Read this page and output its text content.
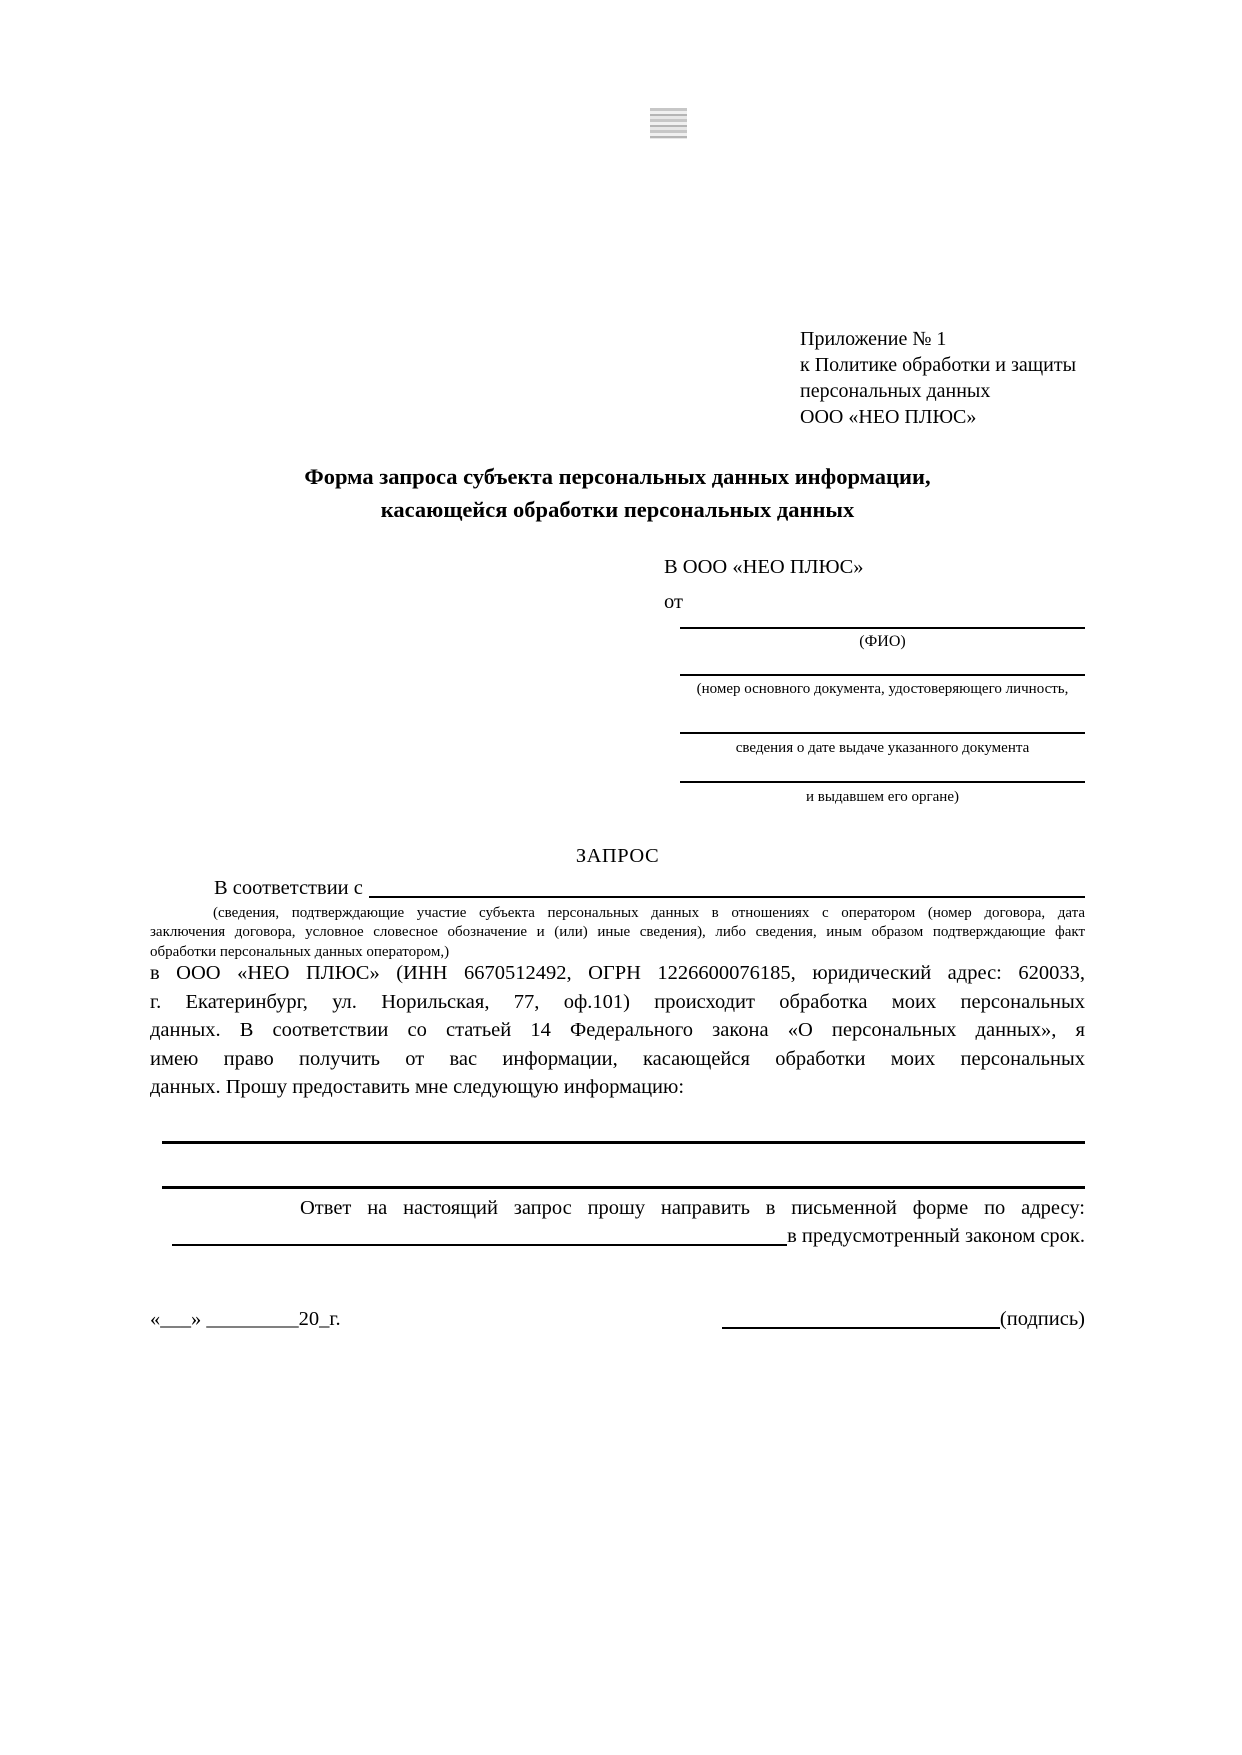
Приложение № 1
к Политике обработки и защиты
персональных данных
ООО «НЕО ПЛЮС»
Форма запроса субъекта персональных данных информации,
касающейся обработки персональных данных
В ООО «НЕО ПЛЮС»
от
(ФИО)
(номер основного документа, удостоверяющего личность,
сведения о дате выдаче указанного документа
и выдавшем его органе)
ЗАПРОС
В соответствии с
(сведения, подтверждающие участие субъекта персональных данных в отношениях с оператором (номер договора, дата
заключения договора, условное словесное обозначение и (или) иные сведения), либо сведения, иным образом подтверждающие факт
обработки персональных данных оператором,)
в ООО «НЕО ПЛЮС» (ИНН 6670512492, ОГРН 1226600076185, юридический адрес: 620033,
г. Екатеринбург, ул. Норильская, 77, оф.101) происходит обработка моих персональных
данных. В соответствии со статьей 14 Федерального закона «О персональных данных», я
имею право получить от вас информации, касающейся обработки моих персональных
данных. Прошу предоставить мне следующую информацию:
Ответ на настоящий запрос прошу направить в письменной форме по адресу:
в предусмотренный законом срок.
«___» _________20_г.	(подпись)
